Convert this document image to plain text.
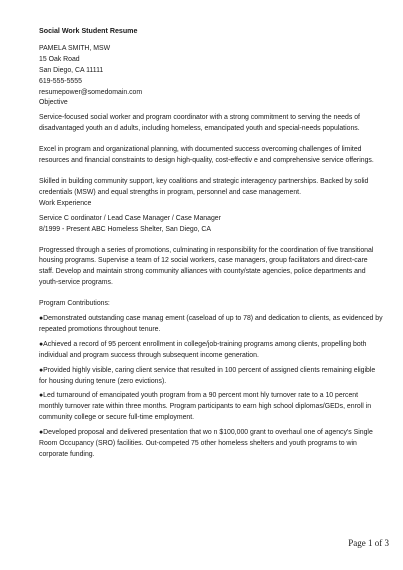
Social Work Student Resume

PAMELA SMITH, MSW

15 Oak Road

San Diego, CA 11111

619-555-5555

resumepower@somedomain.com

Objective

Service-focused social worker and program coordinator with a strong commitment to serving the needs of disadvantaged youth an d adults, including homeless, emancipated youth and special-needs populations.

Excel in program and organizational planning, with documented success overcoming challenges of limited resources and financial constraints to design high-quality, cost-effectiv e and comprehensive service offerings.

Skilled in building community support, key coalitions and strategic interagency partnerships. Backed by solid credentials (MSW) and equal strengths in program, personnel and case management.

Work Experience

Service C oordinator / Lead Case Manager / Case Manager

8/1999 - Present ABC Homeless Shelter, San Diego, CA

Progressed through a series of promotions, culminating in responsibility for the coordination of five transitional housing programs. Supervise a team of 12 social workers, case managers, group facilitators and direct-care staff. Develop and maintain strong community alliances with county/state agencies, police departments and youth-service programs.

Program Contributions:

●Demonstrated outstanding case manag ement (caseload of up to 78) and dedication to clients, as evidenced by repeated promotions throughout tenure.

●Achieved a record of 95 percent enrollment in college/job-training programs among clients, propelling both individual and program success through subsequent income generation.

●Provided highly visible, caring client service that resulted in 100 percent of assigned clients remaining eligible for housing during tenure (zero evictions).

●Led turnaround of emancipated youth program from a 90 percent mont hly turnover rate to a 10 percent monthly turnover rate within three months. Program participants to earn high school diplomas/GEDs, enroll in community college or secure full-time employment.

●Developed proposal and delivered presentation that wo n $100,000 grant to overhaul one of agency's Single Room Occupancy (SRO) facilities. Out-competed 75 other homeless shelters and youth programs to win corporate funding.

Page 1 of 3
